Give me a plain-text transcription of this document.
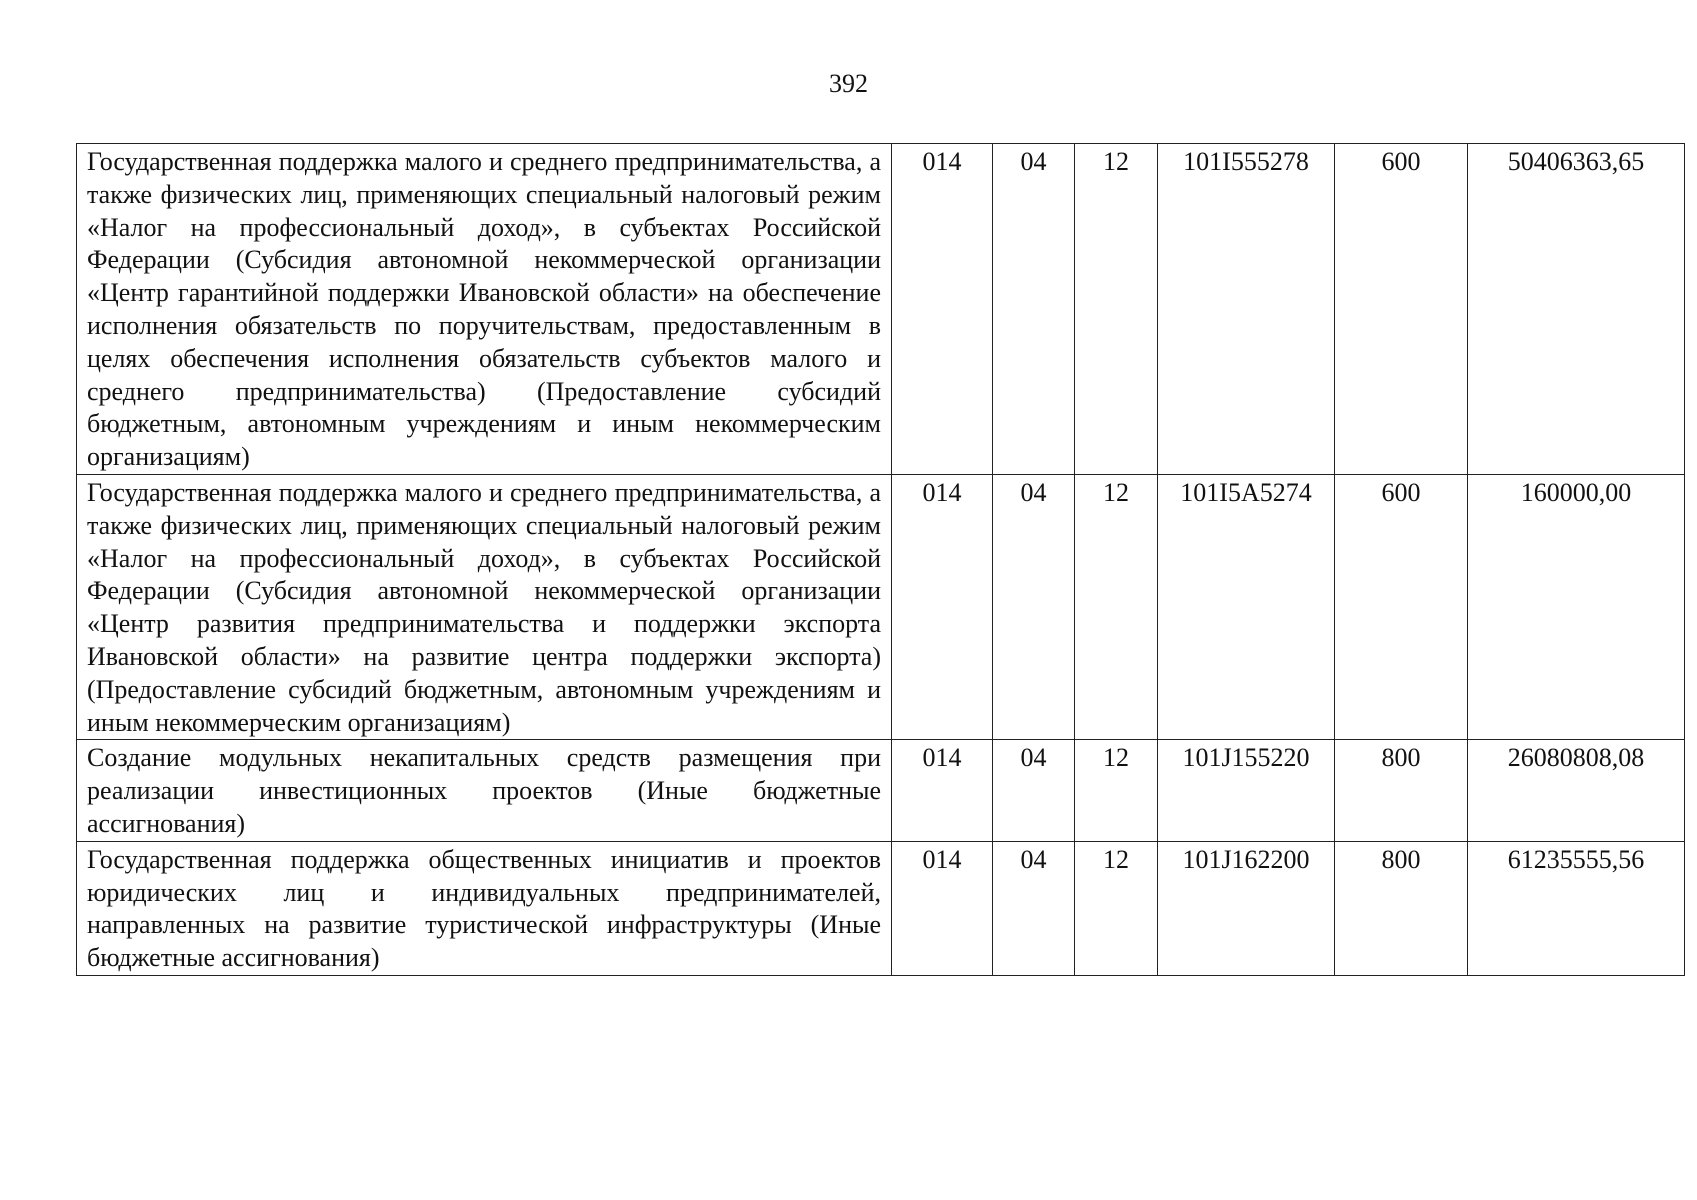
392
Государственная поддержка малого и среднего предпринимательства, а также физических лиц, применяющих специальный налоговый режим «Налог на профессиональный доход», в субъектах Российской Федерации (Субсидия автономной некоммерческой организации «Центр гарантийной поддержки Ивановской области» на обеспечение исполнения обязательств по поручительствам, предоставленным в целях обеспечения исполнения обязательств субъектов малого и среднего предпринимательства) (Предоставление субсидий бюджетным, автономным учреждениям и иным некоммерческим организациям)	014	04	12	101I555278	600	50406363,65
Государственная поддержка малого и среднего предпринимательства, а также физических лиц, применяющих специальный налоговый режим «Налог на профессиональный доход», в субъектах Российской Федерации (Субсидия автономной некоммерческой организации «Центр развития предпринимательства и поддержки экспорта Ивановской области» на развитие центра поддержки экспорта) (Предоставление субсидий бюджетным, автономным учреждениям и иным некоммерческим организациям)	014	04	12	101I5A5274	600	160000,00
Создание модульных некапитальных средств размещения при реализации инвестиционных проектов (Иные бюджетные ассигнования)	014	04	12	101J155220	800	26080808,08
Государственная поддержка общественных инициатив и проектов юридических лиц и индивидуальных предпринимателей, направленных на развитие туристической инфраструктуры (Иные бюджетные ассигнования)	014	04	12	101J162200	800	61235555,56
